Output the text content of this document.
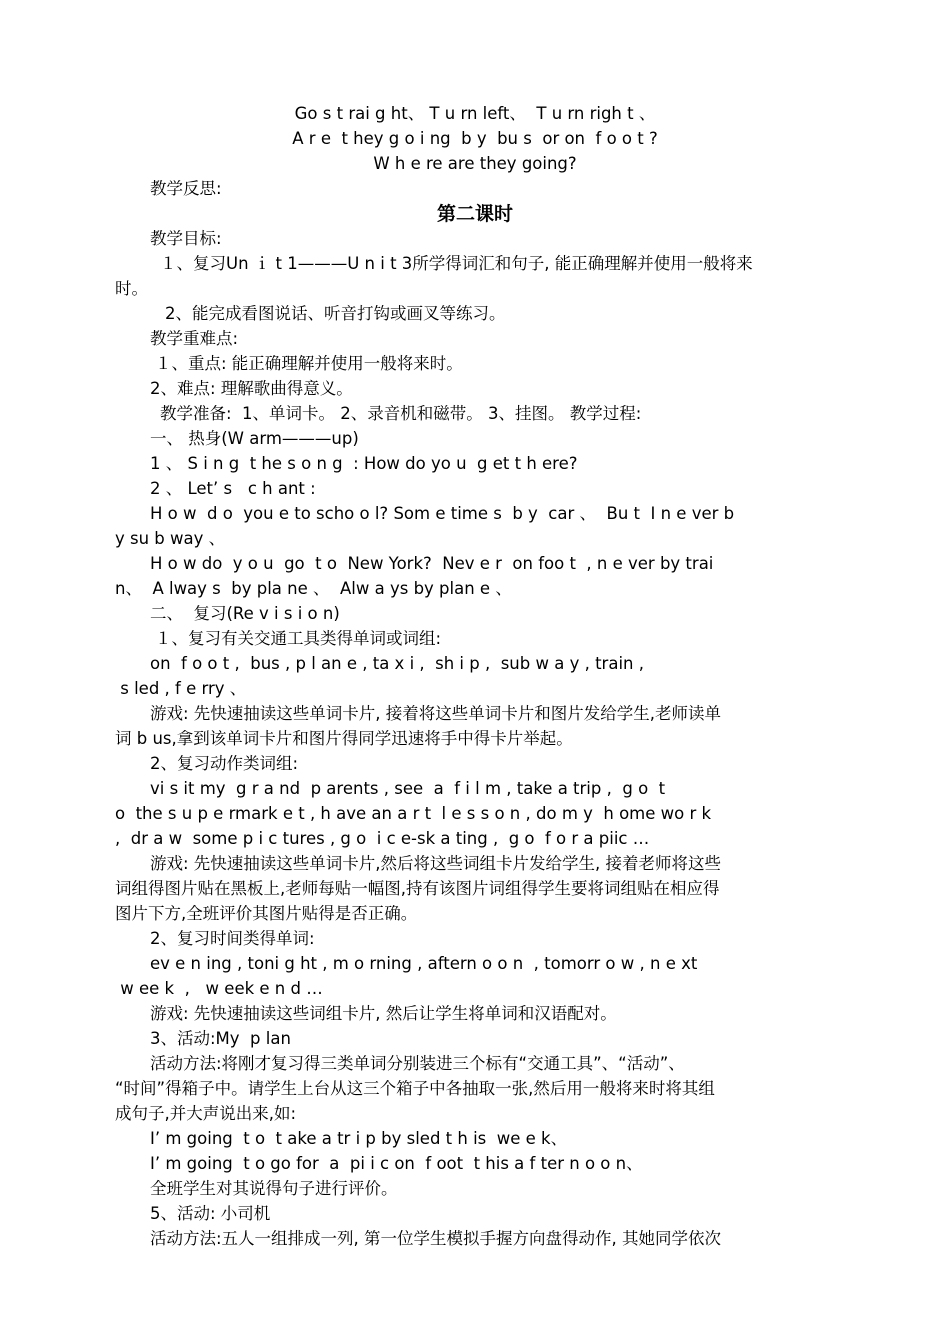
Go s t rai g ht、 T u rn left、  T u rn righ t 、
A r e  t hey g o i ng  b y  bu s  or on  f o o t ?
W h e re are they going?
教学反思:
第二课时
教学目标:
１、复习Un ｉ t 1———U n i t 3所学得词汇和句子, 能正确理解并使用一般将来
时。
2、能完成看图说话、听音打钩或画叉等练习。
教学重难点:
１、重点: 能正确理解并使用一般将来时。
2、难点: 理解歌曲得意义。
教学准备:  1、单词卡。 2、录音机和磁带。 3、挂图。 教学过程:
一、 热身(W arm———up)
1 、 S i n g  t he s o n g  : How do yo u  g et t h ere?
2 、 Let’ s   c h ant :
H o w  d o  you e to scho o l? Som e time s  b y  car 、  Bu t  I n e ver b
y su b way 、
H o w do  y o u  go  t o  New York?  Nev e r  on foo t  , n e ver by trai
n、  A lway s  by pla ne 、  Alw a ys by plan e 、
二、  复习(Re v i s i o n)
１、复习有关交通工具类得单词或词组:
on  f o o t ,  bus , p l an e , ta x i ,  sh i p ,  sub w a y , train ,
s led , f e rry 、
游戏: 先快速抽读这些单词卡片, 接着将这些单词卡片和图片发给学生,老师读单
词 b us,拿到该单词卡片和图片得同学迅速将手中得卡片举起。
2、复习动作类词组:
vi s it my  g r a nd  p arents , see  a  f i l m , take a trip ,  g o  t
o  the s u p e rmark e t , h ave an a r t  l e s s o n , do m y  h ome wo r k
,  dr a w  some p i c tures , g o  i c e-sk a ting ,  g o  f o r a piic …
游戏: 先快速抽读这些单词卡片,然后将这些词组卡片发给学生, 接着老师将这些
词组得图片贴在黑板上,老师每贴一幅图,持有该图片词组得学生要将词组贴在相应得
图片下方,全班评价其图片贴得是否正确。
2、复习时间类得单词:
ev e n ing , toni g ht , m o rning , aftern o o n  , tomorr o w , n e xt
w ee k  ,   w eek e n d …
游戏: 先快速抽读这些词组卡片, 然后让学生将单词和汉语配对。
3、活动:My  p lan
活动方法:将刚才复习得三类单词分别装进三个标有“交通工具”、“活动”、
“时间”得箱子中。请学生上台从这三个箱子中各抽取一张,然后用一般将来时将其组
成句子,并大声说出来,如:
I’ m going  t o  t ake a tr i p by sled t h is  we e k、
I’ m going  t o go for  a  pi i c on  f oot  t his a f ter n o o n、
全班学生对其说得句子进行评价。
5、活动: 小司机
活动方法:五人一组排成一列, 第一位学生模拟手握方向盘得动作, 其她同学依次
